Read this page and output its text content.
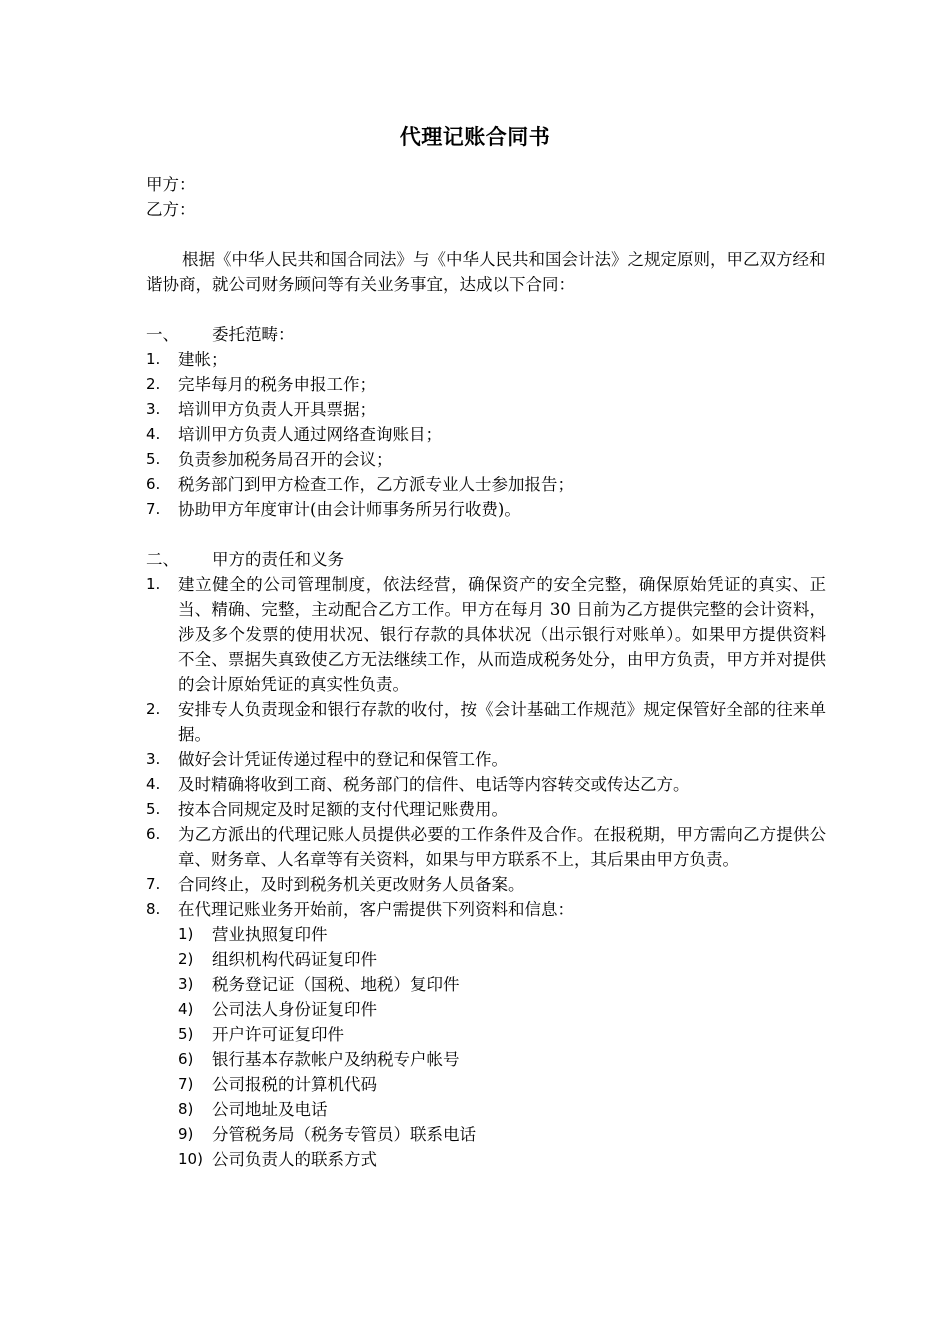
代理记账合同书
甲方：
乙方：
根据《中华人民共和国合同法》与《中华人民共和国会计法》之规定原则，甲乙双方经和谐协商，就公司财务顾问等有关业务事宜，达成以下合同：
一、	委托范畴：
1.	建帐；
2.	完毕每月的税务申报工作；
3.	培训甲方负责人开具票据；
4.	培训甲方负责人通过网络查询账目；
5.	负责参加税务局召开的会议；
6.	税务部门到甲方检查工作，乙方派专业人士参加报告；
7.	协助甲方年度审计(由会计师事务所另行收费)。
二、	甲方的责任和义务
1.	建立健全的公司管理制度，依法经营，确保资产的安全完整，确保原始凭证的真实、正当、精确、完整，主动配合乙方工作。甲方在每月 30 日前为乙方提供完整的会计资料，涉及多个发票的使用状况、银行存款的具体状况（出示银行对账单）。如果甲方提供资料不全、票据失真致使乙方无法继续工作，从而造成税务处分，由甲方负责，甲方并对提供的会计原始凭证的真实性负责。
2.	安排专人负责现金和银行存款的收付，按《会计基础工作规范》规定保管好全部的往来单据。
3.	做好会计凭证传递过程中的登记和保管工作。
4.	及时精确将收到工商、税务部门的信件、电话等内容转交或传达乙方。
5.	按本合同规定及时足额的支付代理记账费用。
6.	为乙方派出的代理记账人员提供必要的工作条件及合作。在报税期，甲方需向乙方提供公章、财务章、人名章等有关资料，如果与甲方联系不上，其后果由甲方负责。
7.	合同终止，及时到税务机关更改财务人员备案。
8.	在代理记账业务开始前，客户需提供下列资料和信息：
1)	营业执照复印件
2)	组织机构代码证复印件
3)	税务登记证（国税、地税）复印件
4)	公司法人身份证复印件
5)	开户许可证复印件
6)	银行基本存款帐户及纳税专户帐号
7)	公司报税的计算机代码
8)	公司地址及电话
9)	分管税务局（税务专管员）联系电话
10) 公司负责人的联系方式
